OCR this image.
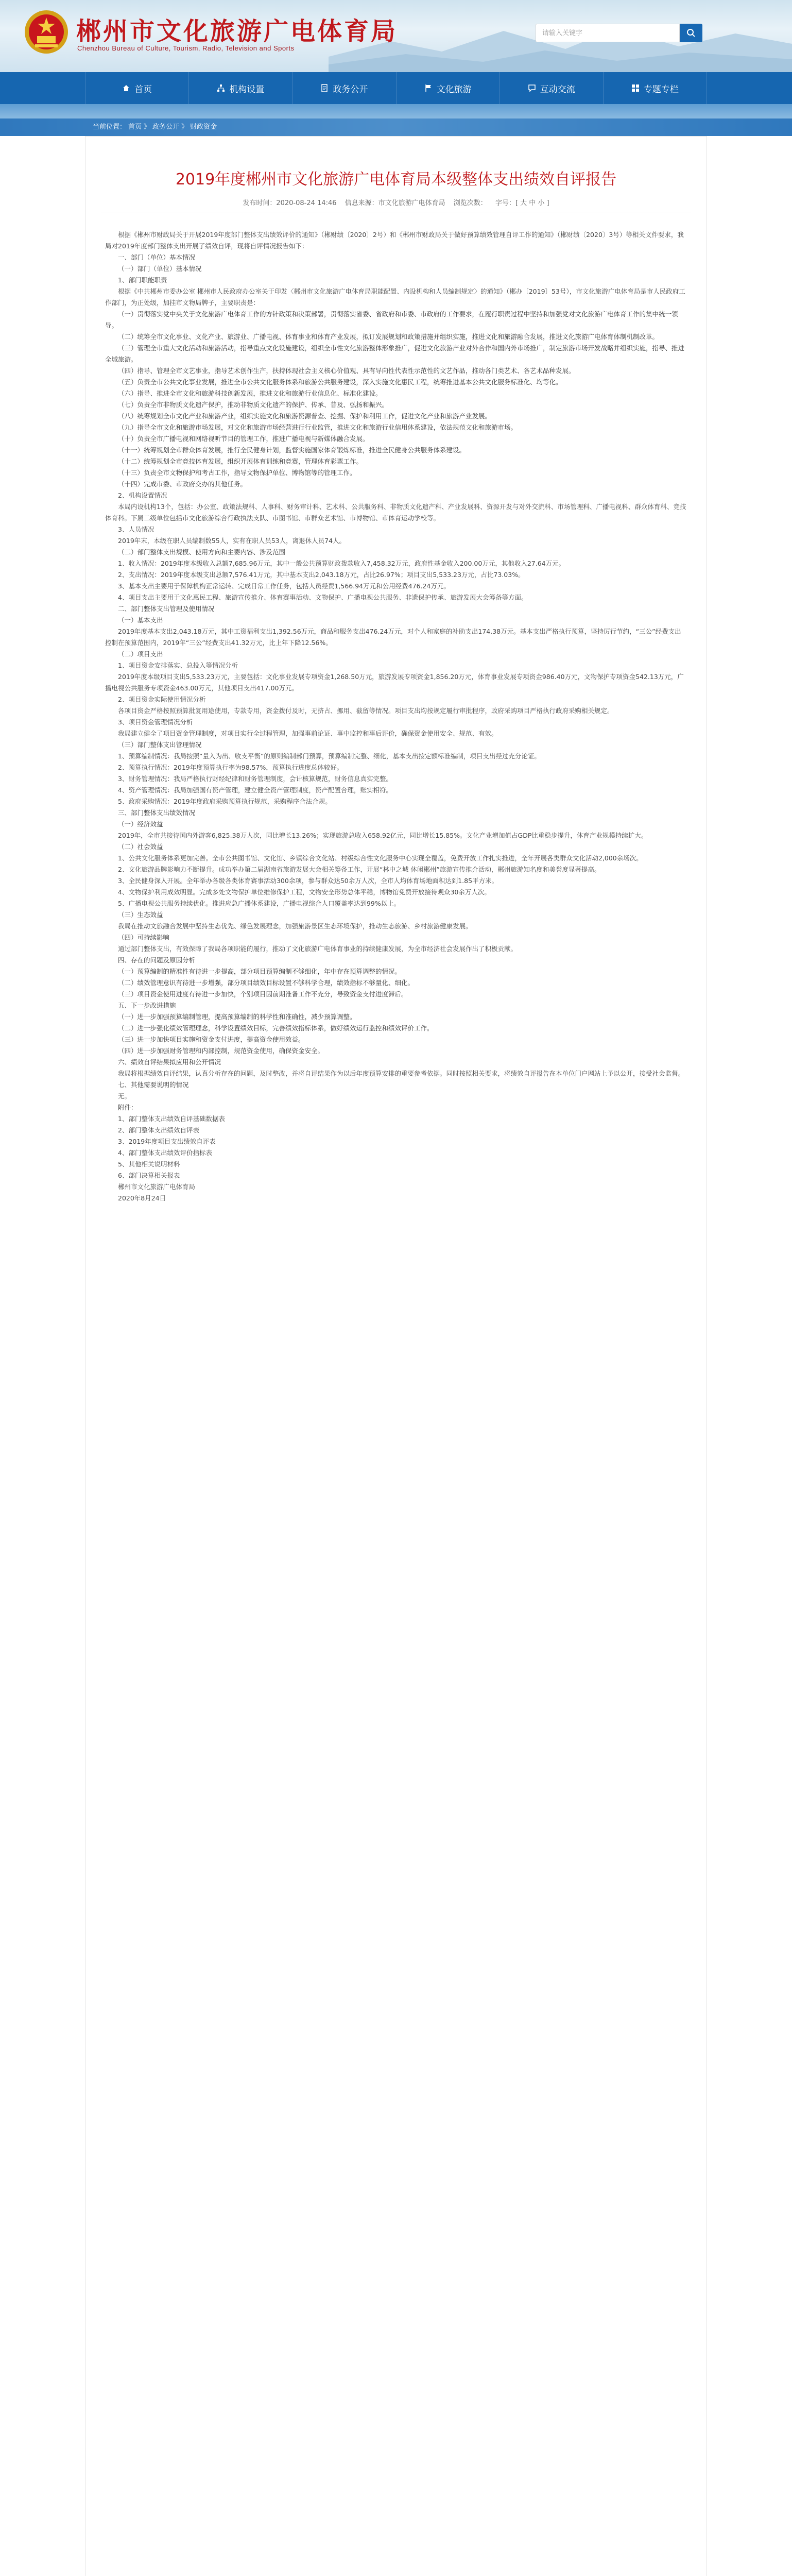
郴州市文化旅游广电体育局
Chenzhou Bureau of Culture, Tourism, Radio, Television and Sports
请输入关键字
首页	机构设置	政务公开	文化旅游	互动交流	专题专栏
当前位置： 首页 》 政务公开 》 财政资金
2019年度郴州市文化旅游广电体育局本级整体支出绩效自评报告
发布时间：2020-08-24 14:46 信息来源：市文化旅游广电体育局 浏览次数： 字号：[ 大 中 小 ]

根据《郴州市财政局关于开展2019年度部门整体支出绩效评价的通知》（郴财绩〔2020〕2号）和《郴州市财政局关于做好预算绩效管理自评工作的通知》（郴财绩〔2020〕3号）等相关文件要求，我局对2019年度部门整体支出开展了绩效自评，现将自评情况报告如下：

一、部门（单位）基本情况

（一）部门（单位）基本情况

1、部门职能职责

根据《中共郴州市委办公室 郴州市人民政府办公室关于印发〈郴州市文化旅游广电体育局职能配置、内设机构和人员编制规定〉的通知》（郴办〔2019〕53号），市文化旅游广电体育局是市人民政府工作部门，为正处级，加挂市文物局牌子，主要职责是：

（一）贯彻落实党中央关于文化旅游广电体育工作的方针政策和决策部署，贯彻落实省委、省政府和市委、市政府的工作要求，在履行职责过程中坚持和加强党对文化旅游广电体育工作的集中统一领导。

（二）统筹全市文化事业、文化产业、旅游业、广播电视、体育事业和体育产业发展，拟订发展规划和政策措施并组织实施，推进文化和旅游融合发展，推进文化旅游广电体育体制机制改革。

（三）管理全市重大文化活动和旅游活动，指导重点文化设施建设，组织全市性文化旅游整体形象推广，促进文化旅游产业对外合作和国内外市场推广，制定旅游市场开发战略并组织实施，指导、推进全域旅游。

（四）指导、管理全市文艺事业，指导艺术创作生产，扶持体现社会主义核心价值观、具有导向性代表性示范性的文艺作品，推动各门类艺术、各艺术品种发展。

（五）负责全市公共文化事业发展，推进全市公共文化服务体系和旅游公共服务建设，深入实施文化惠民工程，统筹推进基本公共文化服务标准化、均等化。

（六）指导、推进全市文化和旅游科技创新发展，推进文化和旅游行业信息化、标准化建设。

（七）负责全市非物质文化遗产保护，推动非物质文化遗产的保护、传承、普及、弘扬和振兴。

（八）统筹规划全市文化产业和旅游产业，组织实施文化和旅游资源普查、挖掘、保护和利用工作，促进文化产业和旅游产业发展。

（九）指导全市文化和旅游市场发展，对文化和旅游市场经营进行行业监管，推进文化和旅游行业信用体系建设，依法规范文化和旅游市场。

（十）负责全市广播电视和网络视听节目的管理工作，推进广播电视与新媒体融合发展。

（十一）统筹规划全市群众体育发展，推行全民健身计划，监督实施国家体育锻炼标准，推进全民健身公共服务体系建设。

（十二）统筹规划全市竞技体育发展，组织开展体育训练和竞赛，管理体育彩票工作。

（十三）负责全市文物保护和考古工作，指导文物保护单位、博物馆等的管理工作。

（十四）完成市委、市政府交办的其他任务。

2、机构设置情况

本局内设机构13个，包括：办公室、政策法规科、人事科、财务审计科、艺术科、公共服务科、非物质文化遗产科、产业发展科、资源开发与对外交流科、市场管理科、广播电视科、群众体育科、竞技体育科。下属二级单位包括市文化旅游综合行政执法支队、市图书馆、市群众艺术馆、市博物馆、市体育运动学校等。

3、人员情况

2019年末，本级在职人员编制数55人，实有在职人员53人，离退休人员74人。

（二）部门整体支出规模、使用方向和主要内容、涉及范围

1、收入情况：2019年度本级收入总额7,685.96万元，其中一般公共预算财政拨款收入7,458.32万元，政府性基金收入200.00万元，其他收入27.64万元。

2、支出情况：2019年度本级支出总额7,576.41万元，其中基本支出2,043.18万元，占比26.97%；项目支出5,533.23万元，占比73.03%。

3、基本支出主要用于保障机构正常运转、完成日常工作任务，包括人员经费1,566.94万元和公用经费476.24万元。

4、项目支出主要用于文化惠民工程、旅游宣传推介、体育赛事活动、文物保护、广播电视公共服务、非遗保护传承、旅游发展大会筹备等方面。

二、部门整体支出管理及使用情况

（一）基本支出

2019年度基本支出2,043.18万元，其中工资福利支出1,392.56万元，商品和服务支出476.24万元，对个人和家庭的补助支出174.38万元。基本支出严格执行预算，坚持厉行节约，“三公”经费支出控制在预算范围内，2019年“三公”经费支出41.32万元，比上年下降12.56%。

（二）项目支出

1、项目资金安排落实、总投入等情况分析

2019年度本级项目支出5,533.23万元，主要包括：文化事业发展专项资金1,268.50万元，旅游发展专项资金1,856.20万元，体育事业发展专项资金986.40万元，文物保护专项资金542.13万元，广播电视公共服务专项资金463.00万元，其他项目支出417.00万元。

2、项目资金实际使用情况分析

各项目资金严格按照预算批复用途使用，专款专用，资金拨付及时，无挤占、挪用、截留等情况。项目支出均按规定履行审批程序，政府采购项目严格执行政府采购相关规定。

3、项目资金管理情况分析

我局建立健全了项目资金管理制度，对项目实行全过程管理，加强事前论证、事中监控和事后评价，确保资金使用安全、规范、有效。

（三）部门整体支出管理情况

1、预算编制情况：我局按照“量入为出、收支平衡”的原则编制部门预算，预算编制完整、细化，基本支出按定额标准编制，项目支出经过充分论证。

2、预算执行情况：2019年度预算执行率为98.57%，预算执行进度总体较好。

3、财务管理情况：我局严格执行财经纪律和财务管理制度，会计核算规范，财务信息真实完整。

4、资产管理情况：我局加强国有资产管理，建立健全资产管理制度，资产配置合理，账实相符。

5、政府采购情况：2019年度政府采购预算执行规范，采购程序合法合规。

三、部门整体支出绩效情况

（一）经济效益

2019年，全市共接待国内外游客6,825.38万人次，同比增长13.26%；实现旅游总收入658.92亿元，同比增长15.85%。文化产业增加值占GDP比重稳步提升，体育产业规模持续扩大。

（二）社会效益

1、公共文化服务体系更加完善。全市公共图书馆、文化馆、乡镇综合文化站、村级综合性文化服务中心实现全覆盖，免费开放工作扎实推进，全年开展各类群众文化活动2,000余场次。

2、文化旅游品牌影响力不断提升。成功举办第二届湖南省旅游发展大会相关筹备工作，开展“林中之城 休闲郴州”旅游宣传推介活动，郴州旅游知名度和美誉度显著提高。

3、全民健身深入开展。全年举办各级各类体育赛事活动300余项，参与群众达50余万人次，全市人均体育场地面积达到1.85平方米。

4、文物保护利用成效明显。完成多处文物保护单位维修保护工程，文物安全形势总体平稳，博物馆免费开放接待观众30余万人次。

5、广播电视公共服务持续优化。推进应急广播体系建设，广播电视综合人口覆盖率达到99%以上。

（三）生态效益

我局在推动文旅融合发展中坚持生态优先、绿色发展理念，加强旅游景区生态环境保护，推动生态旅游、乡村旅游健康发展。

（四）可持续影响

通过部门整体支出，有效保障了我局各项职能的履行，推动了文化旅游广电体育事业的持续健康发展，为全市经济社会发展作出了积极贡献。

四、存在的问题及原因分析

（一）预算编制的精准性有待进一步提高，部分项目预算编制不够细化，年中存在预算调整的情况。

（二）绩效管理意识有待进一步增强，部分项目绩效目标设置不够科学合理，绩效指标不够量化、细化。

（三）项目资金使用进度有待进一步加快，个别项目因前期准备工作不充分，导致资金支付进度滞后。

五、下一步改进措施

（一）进一步加强预算编制管理，提高预算编制的科学性和准确性，减少预算调整。

（二）进一步强化绩效管理理念，科学设置绩效目标，完善绩效指标体系，做好绩效运行监控和绩效评价工作。

（三）进一步加快项目实施和资金支付进度，提高资金使用效益。

（四）进一步加强财务管理和内部控制，规范资金使用，确保资金安全。

六、绩效自评结果拟应用和公开情况

我局将根据绩效自评结果，认真分析存在的问题，及时整改，并将自评结果作为以后年度预算安排的重要参考依据。同时按照相关要求，将绩效自评报告在本单位门户网站上予以公开，接受社会监督。

七、其他需要说明的情况

无。

附件：

1、部门整体支出绩效自评基础数据表

2、部门整体支出绩效自评表

3、2019年度项目支出绩效自评表

4、部门整体支出绩效评价指标表

5、其他相关说明材料

6、部门决算相关报表

郴州市文化旅游广电体育局

2020年8月24日
